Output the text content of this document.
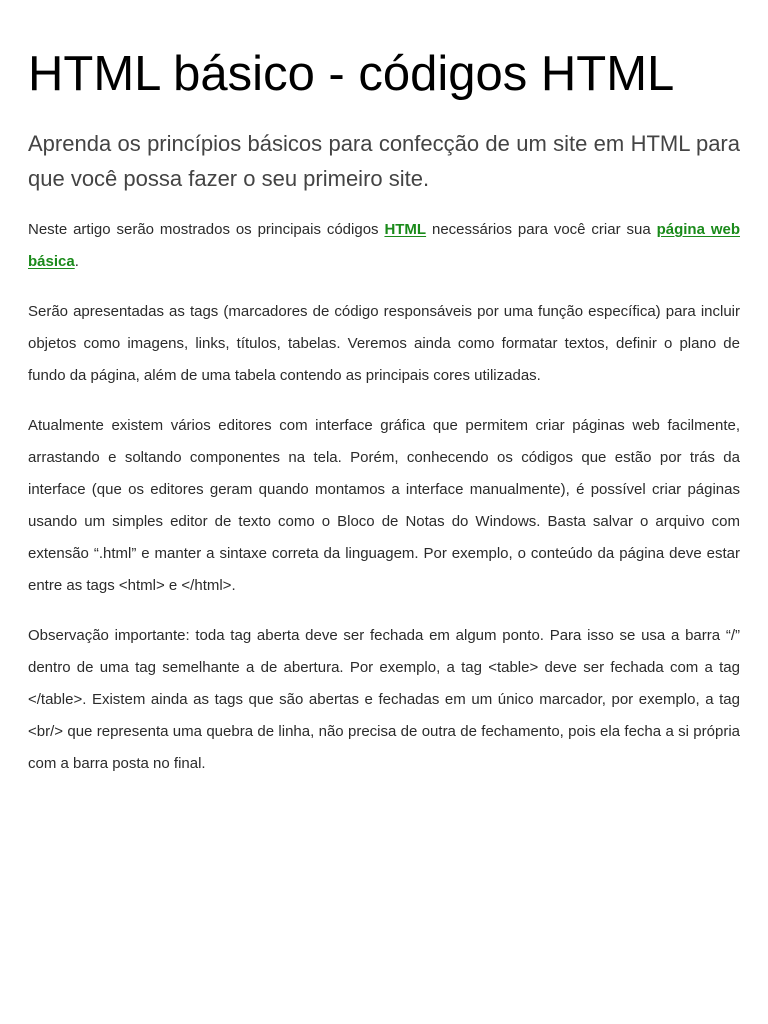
HTML básico - códigos HTML

Aprenda os princípios básicos para confecção de um site em HTML para que você possa fazer o seu primeiro site.

Neste artigo serão mostrados os principais códigos HTML necessários para você criar sua página web básica.

Serão apresentadas as tags (marcadores de código responsáveis por uma função específica) para incluir objetos como imagens, links, títulos, tabelas. Veremos ainda como formatar textos, definir o plano de fundo da página, além de uma tabela contendo as principais cores utilizadas.

Atualmente existem vários editores com interface gráfica que permitem criar páginas web facilmente, arrastando e soltando componentes na tela. Porém, conhecendo os códigos que estão por trás da interface (que os editores geram quando montamos a interface manualmente), é possível criar páginas usando um simples editor de texto como o Bloco de Notas do Windows. Basta salvar o arquivo com extensão “.html” e manter a sintaxe correta da linguagem. Por exemplo, o conteúdo da página deve estar entre as tags <html> e </html>.

Observação importante: toda tag aberta deve ser fechada em algum ponto. Para isso se usa a barra “/” dentro de uma tag semelhante a de abertura. Por exemplo, a tag <table> deve ser fechada com a tag </table>. Existem ainda as tags que são abertas e fechadas em um único marcador, por exemplo, a tag <br/> que representa uma quebra de linha, não precisa de outra de fechamento, pois ela fecha a si própria com a barra posta no final.
